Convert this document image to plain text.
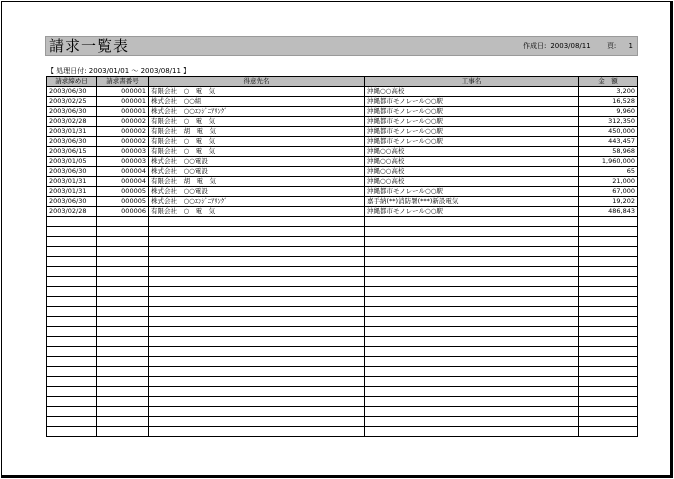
請求一覧表	作成日: 2003/08/11 頁: 1
【 処理日付: 2003/01/01 ～ 2003/08/11 】
請求締め日	請求書番号	得意先名	工事名	金　額
2003/06/30	000001	有限会社　○　電　気	沖縄○○高校	3,200
2003/02/25	000001	株式会社　○○組	沖縄都市モノレール○○駅	16,528
2003/06/30	000001	株式会社　○○ｴﾝｼﾞﾆｱﾘﾝｸﾞ	沖縄都市モノレール○○駅	9,960
2003/02/28	000002	有限会社　○　電　気	沖縄都市モノレール○○駅	312,350
2003/01/31	000002	有限会社　胡　電　気	沖縄都市モノレール○○駅	450,000
2003/06/30	000002	有限会社　○　電　気	沖縄都市モノレール○○駅	443,457
2003/06/15	000003	有限会社　○　電　気	沖縄○○高校	58,968
2003/01/05	000003	株式会社　○○電設	沖縄○○高校	1,960,000
2003/06/30	000004	株式会社　○○電設	沖縄○○高校	65
2003/01/31	000004	有限会社　胡　電　気	沖縄○○高校	21,000
2003/01/31	000005	株式会社　○○電設	沖縄都市モノレール○○駅	67,000
2003/06/30	000005	株式会社　○○ｴﾝｼﾞﾆｱﾘﾝｸﾞ	嘉手納(**)消防署(***)新設電気	19,202
2003/02/28	000006	有限会社　○　電　気	沖縄都市モノレール○○駅	486,843
